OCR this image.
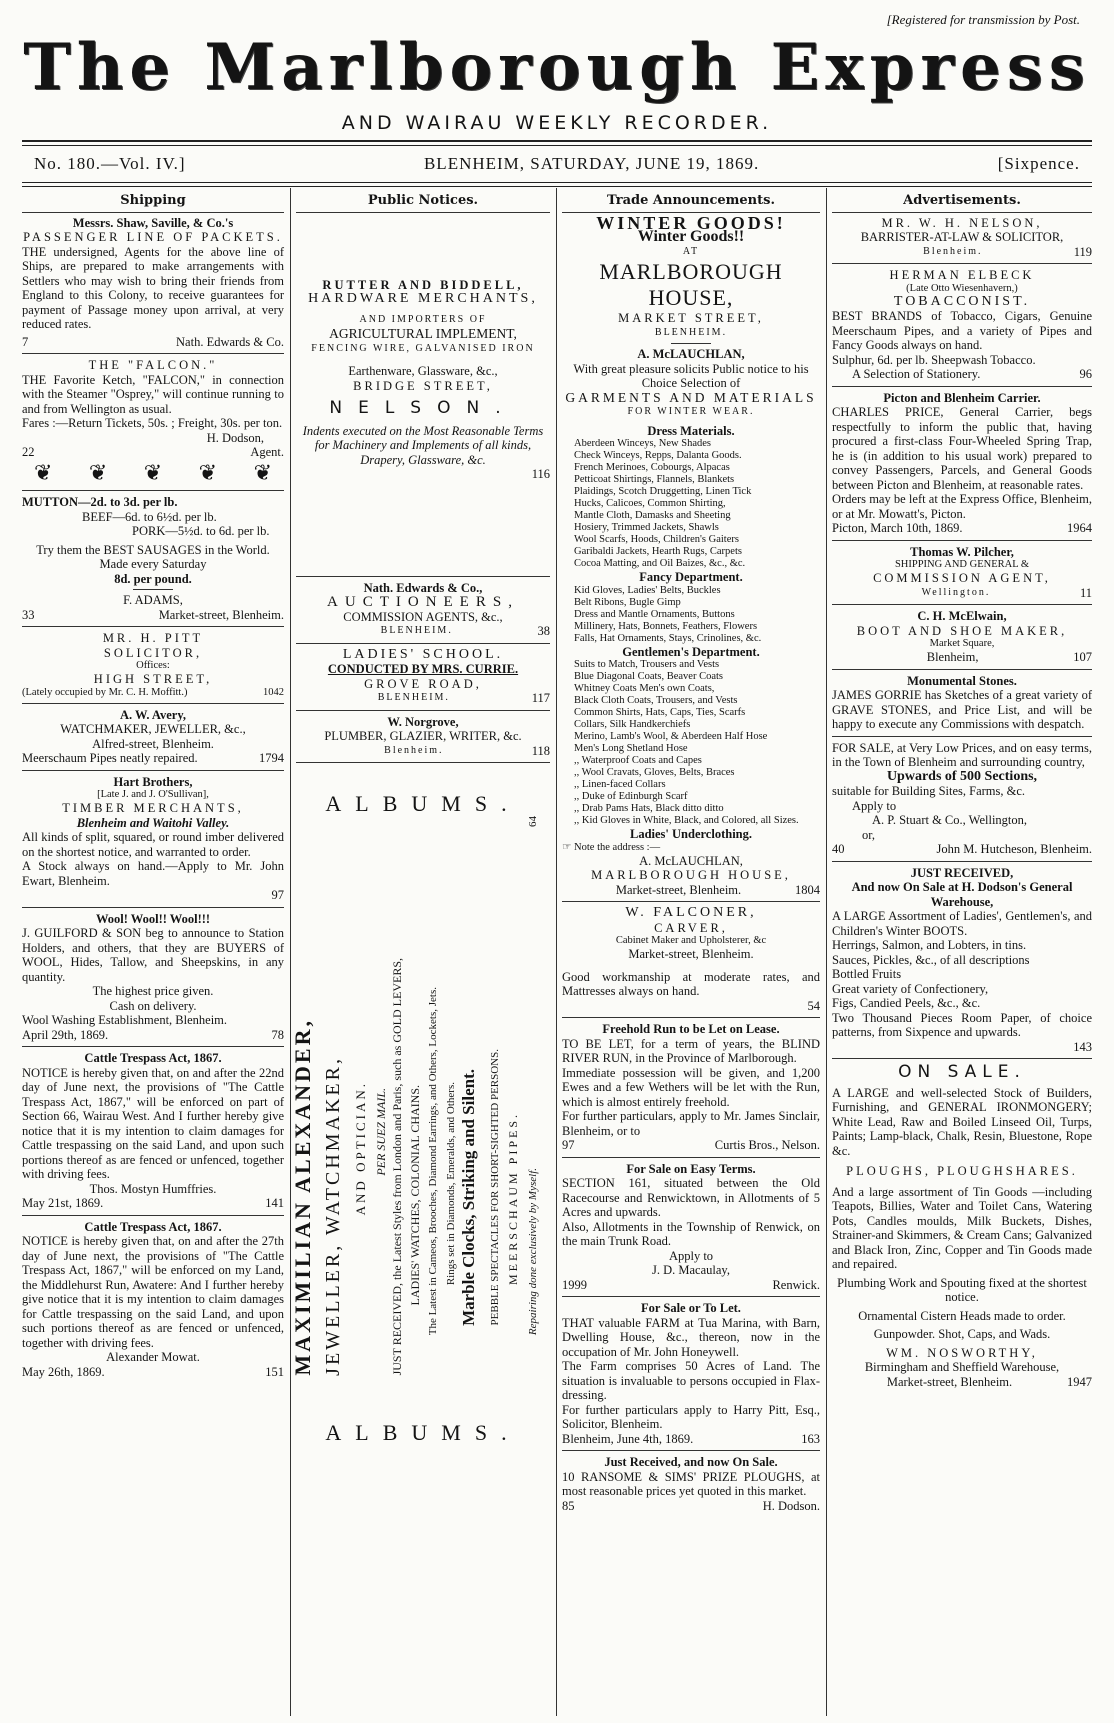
[Registered for transmission by Post.
The Marlborough Express
AND WAIRAU WEEKLY RECORDER.
No. 180.—Vol. IV.]	BLENHEIM, SATURDAY, JUNE 19, 1869.	[Sixpence.
Shipping
Messrs. Shaw, Saville, & Co.'s
PASSENGER LINE OF PACKETS.
THE undersigned, Agents for the above line of Ships, are prepared to make arrangements with Settlers who may wish to bring their friends from England to this Colony, to receive guarantees for payment of Passage money upon arrival, at very reduced rates.
7	Nath. Edwards & Co.
THE "FALCON."
THE Favorite Ketch, "FALCON," in connection with the Steamer "Osprey," will continue running to and from Wellington as usual.
Fares :—Return Tickets, 50s. ; Freight, 30s. per ton.
H. Dodson,
22	Agent.
❦ ❦ ❦ ❦ ❦
MUTTON—2d. to 3d. per lb.
BEEF—6d. to 6½d. per lb.
PORK—5½d. to 6d. per lb.
Try them the BEST SAUSAGES in the World. Made every Saturday
8d. per pound.
F. ADAMS,
33	Market-street, Blenheim.
MR. H. PITT
SOLICITOR,
Offices:
HIGH STREET,
(Lately occupied by Mr. C. H. Moffitt.)	1042
A. W. Avery,
WATCHMAKER, JEWELLER, &c.,
Alfred-street, Blenheim.
Meerschaum Pipes neatly repaired.	1794
Hart Brothers,
[Late J. and J. O'Sullivan],
TIMBER MERCHANTS,
Blenheim and Waitohi Valley.
All kinds of split, squared, or round imber delivered on the shortest notice, and warranted to order.
A Stock always on hand.—Apply to Mr. John Ewart, Blenheim.
97
Wool! Wool!! Wool!!!
J. GUILFORD & SON beg to announce to Station Holders, and others, that they are BUYERS of WOOL, Hides, Tallow, and Sheepskins, in any quantity.
The highest price given.
Cash on delivery.
Wool Washing Establishment, Blenheim.
April 29th, 1869.	78
Cattle Trespass Act, 1867.
NOTICE is hereby given that, on and after the 22nd day of June next, the provisions of "The Cattle Trespass Act, 1867," will be enforced on part of Section 66, Wairau West. And I further hereby give notice that it is my intention to claim damages for Cattle trespassing on the said Land, and upon such portions thereof as are fenced or unfenced, together with driving fees.
Thos. Mostyn Humffries.
May 21st, 1869.	141
Cattle Trespass Act, 1867.
NOTICE is hereby given that, on and after the 27th day of June next, the provisions of "The Cattle Trespass Act, 1867," will be enforced on my Land, the Middlehurst Run, Awatere: And I further hereby give notice that it is my intention to claim damages for Cattle trespassing on the said Land, and upon such portions thereof as are fenced or unfenced, together with driving fees.
Alexander Mowat.
May 26th, 1869.	151
Public Notices.
RUTTER AND BIDDELL,
HARDWARE MERCHANTS,
AND IMPORTERS OF
AGRICULTURAL IMPLEMENT,
FENCING WIRE, GALVANISED IRON
Earthenware, Glassware, &c.,
BRIDGE STREET,
NELSON.
Indents executed on the Most Reasonable Terms for Machinery and Implements of all kinds, Drapery, Glassware, &c.
116
Nath. Edwards & Co.,
AUCTIONEERS,
COMMISSION AGENTS, &c.,
BLENHEIM.	38
LADIES' SCHOOL.
CONDUCTED BY MRS. CURRIE.
GROVE ROAD,
BLENHEIM.	117
W. Norgrove,
PLUMBER, GLAZIER, WRITER, &c.
Blenheim.	118
ALBUMS.
MAXIMILIAN ALEXANDER, JEWELLER, WATCHMAKER, AND OPTICIAN. PER SUEZ MAIL. JUST RECEIVED, the Latest Styles from London and Paris, such as GOLD LEVERS, LADIES' WATCHES, COLONIAL CHAINS. The Latest in Cameos, Brooches, Diamond Earrings, and Others, Lockets, Jets. Rings set in Diamonds, Emeralds, and Others. Marble Clocks, Striking and Silent. PEBBLE SPECTACLES FOR SHORT-SIGHTED PERSONS. MEERSCHAUM PIPES. Repairing done exclusively by Myself.
64
ALBUMS.
Trade Announcements.
WINTER GOODS!
Winter Goods!!
AT
MARLBOROUGH HOUSE,
MARKET STREET,
BLENHEIM.
A. McLAUCHLAN,
With great pleasure solicits Public notice to his Choice Selection of
GARMENTS AND MATERIALS
FOR WINTER WEAR.
Dress Materials.
Aberdeen Winceys, New Shades
Check Winceys, Repps, Dalanta Goods.
French Merinoes, Cobourgs, Alpacas
Petticoat Shirtings, Flannels, Blankets
Plaidings, Scotch Druggetting, Linen Tick
Hucks, Calicoes, Common Shirting,
Mantle Cloth, Damasks and Sheeting
Hosiery, Trimmed Jackets, Shawls
Wool Scarfs, Hoods, Children's Gaiters
Garibaldi Jackets, Hearth Rugs, Carpets
Cocoa Matting, and Oil Baizes, &c., &c.
Fancy Department.
Kid Gloves, Ladies' Belts, Buckles
Belt Ribons, Bugle Gimp
Dress and Mantle Ornaments, Buttons
Millinery, Hats, Bonnets, Feathers, Flowers
Falls, Hat Ornaments, Stays, Crinolines, &c.
Gentlemen's Department.
Suits to Match, Trousers and Vests
Blue Diagonal Coats, Beaver Coats
Whitney Coats Men's own Coats,
Black Cloth Coats, Trousers, and Vests
Common Shirts, Hats, Caps, Ties, Scarfs
Collars, Silk Handkerchiefs
Merino, Lamb's Wool, & Aberdeen Half Hose
Men's Long Shetland Hose
,, Waterproof Coats and Capes
,, Wool Cravats, Gloves, Belts, Braces
,, Linen-faced Collars
,, Duke of Edinburgh Scarf
,, Drab Pams Hats, Black ditto ditto
,, Kid Gloves in White, Black, and Colored, all Sizes.
Ladies' Underclothing.
☞ Note the address :—
A. McLAUCHLAN,
MARLBOROUGH HOUSE,
Market-street, Blenheim.	1804
W. FALCONER,
CARVER,
Cabinet Maker and Upholsterer, &c
Market-street, Blenheim.
Good workmanship at moderate rates, and Mattresses always on hand.
54
Freehold Run to be Let on Lease.
TO BE LET, for a term of years, the BLIND RIVER RUN, in the Province of Marlborough.
Immediate possession will be given, and 1,200 Ewes and a few Wethers will be let with the Run, which is almost entirely freehold.
For further particulars, apply to Mr. James Sinclair, Blenheim, or to
97	Curtis Bros., Nelson.
For Sale on Easy Terms.
SECTION 161, situated between the Old Racecourse and Renwicktown, in Allotments of 5 Acres and upwards.
Also, Allotments in the Township of Renwick, on the main Trunk Road.
Apply to
J. D. Macaulay,
1999	Renwick.
For Sale or To Let.
THAT valuable FARM at Tua Marina, with Barn, Dwelling House, &c., thereon, now in the occupation of Mr. John Honeywell.
The Farm comprises 50 Acres of Land. The situation is invaluable to persons occupied in Flax-dressing.
For further particulars apply to Harry Pitt, Esq., Solicitor, Blenheim.
Blenheim, June 4th, 1869.	163
Just Received, and now On Sale.
10 RANSOME & SIMS' PRIZE PLOUGHS, at most reasonable prices yet quoted in this market.
85	H. Dodson.
Advertisements.
MR. W. H. NELSON,
BARRISTER-AT-LAW & SOLICITOR,
Blenheim.	119
HERMAN ELBECK
(Late Otto Wiesenhavern,)
TOBACCONIST.
BEST BRANDS of Tobacco, Cigars, Genuine Meerschaum Pipes, and a variety of Pipes and Fancy Goods always on hand.
Sulphur, 6d. per lb. Sheepwash Tobacco.
A Selection of Stationery.	96
Picton and Blenheim Carrier.
CHARLES PRICE, General Carrier, begs respectfully to inform the public that, having procured a first-class Four-Wheeled Spring Trap, he is (in addition to his usual work) prepared to convey Passengers, Parcels, and General Goods between Picton and Blenheim, at reasonable rates.
Orders may be left at the Express Office, Blenheim, or at Mr. Mowatt's, Picton.
Picton, March 10th, 1869.	1964
Thomas W. Pilcher,
SHIPPING AND GENERAL &
COMMISSION AGENT,
Wellington.	11
C. H. McElwain,
BOOT AND SHOE MAKER,
Market Square,
Blenheim,	107
Monumental Stones.
JAMES GORRIE has Sketches of a great variety of GRAVE STONES, and Price List, and will be happy to execute any Commissions with despatch.
FOR SALE, at Very Low Prices, and on easy terms, in the Town of Blenheim and surrounding country,
Upwards of 500 Sections,
suitable for Building Sites, Farms, &c.
Apply to
A. P. Stuart & Co., Wellington,
or,
40	John M. Hutcheson, Blenheim.
JUST RECEIVED,
And now On Sale at H. Dodson's General Warehouse,
A LARGE Assortment of Ladies', Gentlemen's, and Children's Winter BOOTS.
Herrings, Salmon, and Lobters, in tins.
Sauces, Pickles, &c., of all descriptions
Bottled Fruits
Great variety of Confectionery,
Figs, Candied Peels, &c., &c.
Two Thousand Pieces Room Paper, of choice patterns, from Sixpence and upwards.
143
ON SALE.
A LARGE and well-selected Stock of Builders, Furnishing, and GENERAL IRONMONGERY; White Lead, Raw and Boiled Linseed Oil, Turps, Paints; Lamp-black, Chalk, Resin, Bluestone, Rope &c.
PLOUGHS, PLOUGHSHARES.
And a large assortment of Tin Goods —including Teapots, Billies, Water and Toilet Cans, Watering Pots, Candles moulds, Milk Buckets, Dishes, Strainer-and Skimmers, & Cream Cans; Galvanized and Black Iron, Zinc, Copper and Tin Goods made and repaired.
Plumbing Work and Spouting fixed at the shortest notice.
Ornamental Cistern Heads made to order.
Gunpowder. Shot, Caps, and Wads.
WM. NOSWORTHY,
Birmingham and Sheffield Warehouse,
Market-street, Blenheim.	1947
